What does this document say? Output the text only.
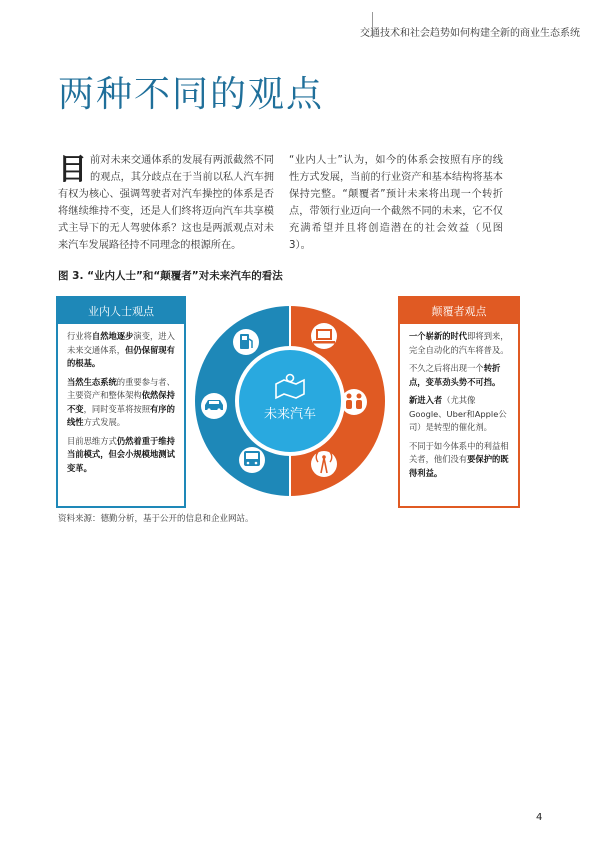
交通技术和社会趋势如何构建全新的商业生态系统
两种不同的观点
目前对未来交通体系的发展有两派截然不同的观点，其分歧点在于当前以私人汽车拥有权为核心、强调驾驶者对汽车操控的体系是否将继续维持不变，还是人们终将迈向汽车共享模式主导下的无人驾驶体系？这也是两派观点对未来汽车发展路径持不同理念的根源所在。
“业内人士”认为，如今的体系会按照有序的线性方式发展，当前的行业资产和基本结构将基本保持完整。“颠覆者”预计未来将出现一个转折点，带领行业迈向一个截然不同的未来，它不仅充满希望并且将创造潜在的社会效益（见图 3）。
图 3. “业内人士”和“颠覆者”对未来汽车的看法
业内人士观点

行业将自然地逐步演变，进入未来交通体系，但仍保留现有的根基。

当然生态系统的重要参与者、主要资产和整体架构依然保持不变，同时变革将按照有序的线性方式发展。

目前思维方式仍然着重于维持当前模式，但会小规模地测试变革。

未来汽车
颠覆者观点

一个崭新的时代即将到来，完全自动化的汽车将普及。

不久之后将出现一个转折点，变革劲头势不可挡。

新进入者（尤其像Google、Uber和Apple公司）是转型的催化剂。

不同于如今体系中的利益相关者，他们没有要保护的既得利益。

资料来源：德勤分析，基于公开的信息和企业网站。

4
